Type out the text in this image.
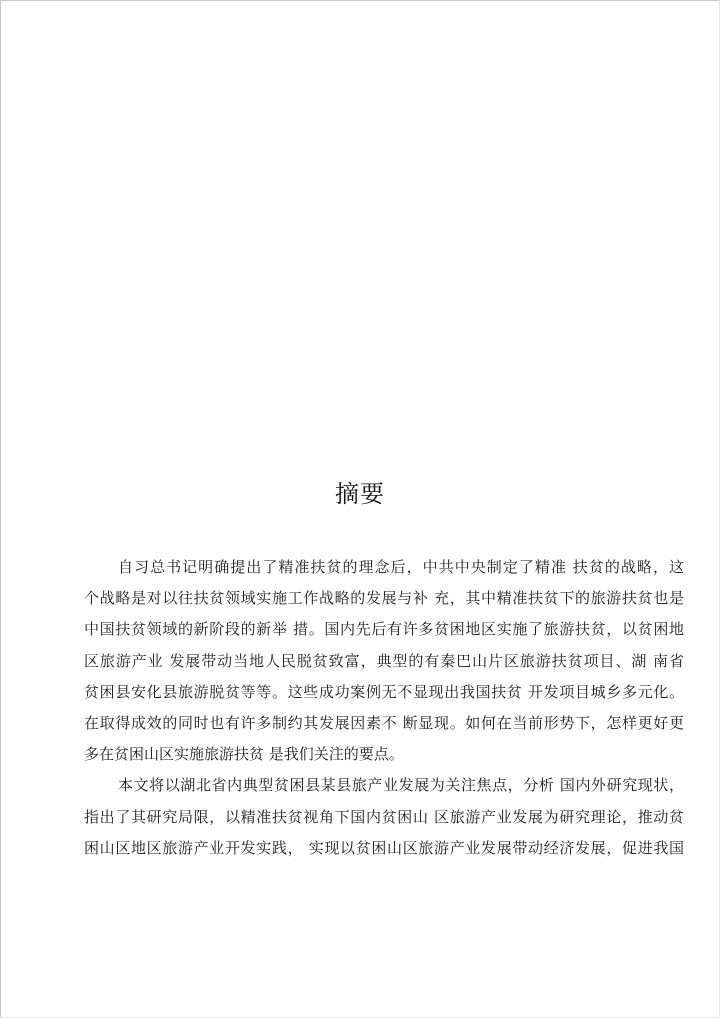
摘要
自习总书记明确提出了精准扶贫的理念后，中共中央制定了精准 扶贫的战略，这
个战略是对以往扶贫领域实施工作战略的发展与补 充，其中精准扶贫下的旅游扶贫也是
中国扶贫领域的新阶段的新举 措。国内先后有许多贫困地区实施了旅游扶贫，以贫困地
区旅游产业 发展带动当地人民脱贫致富，典型的有秦巴山片区旅游扶贫项目、湖 南省
贫困县安化县旅游脱贫等等。这些成功案例无不显现出我国扶贫 开发项目城乡多元化。
在取得成效的同时也有许多制约其发展因素不 断显现。如何在当前形势下，怎样更好更
多在贫困山区实施旅游扶贫 是我们关注的要点。
本文将以湖北省内典型贫困县某县旅产业发展为关注焦点，分析 国内外研究现状，
指出了其研究局限，以精准扶贫视角下国内贫困山 区旅游产业发展为研究理论，推动贫
困山区地区旅游产业开发实践， 实现以贫困山区旅游产业发展带动经济发展，促进我国
